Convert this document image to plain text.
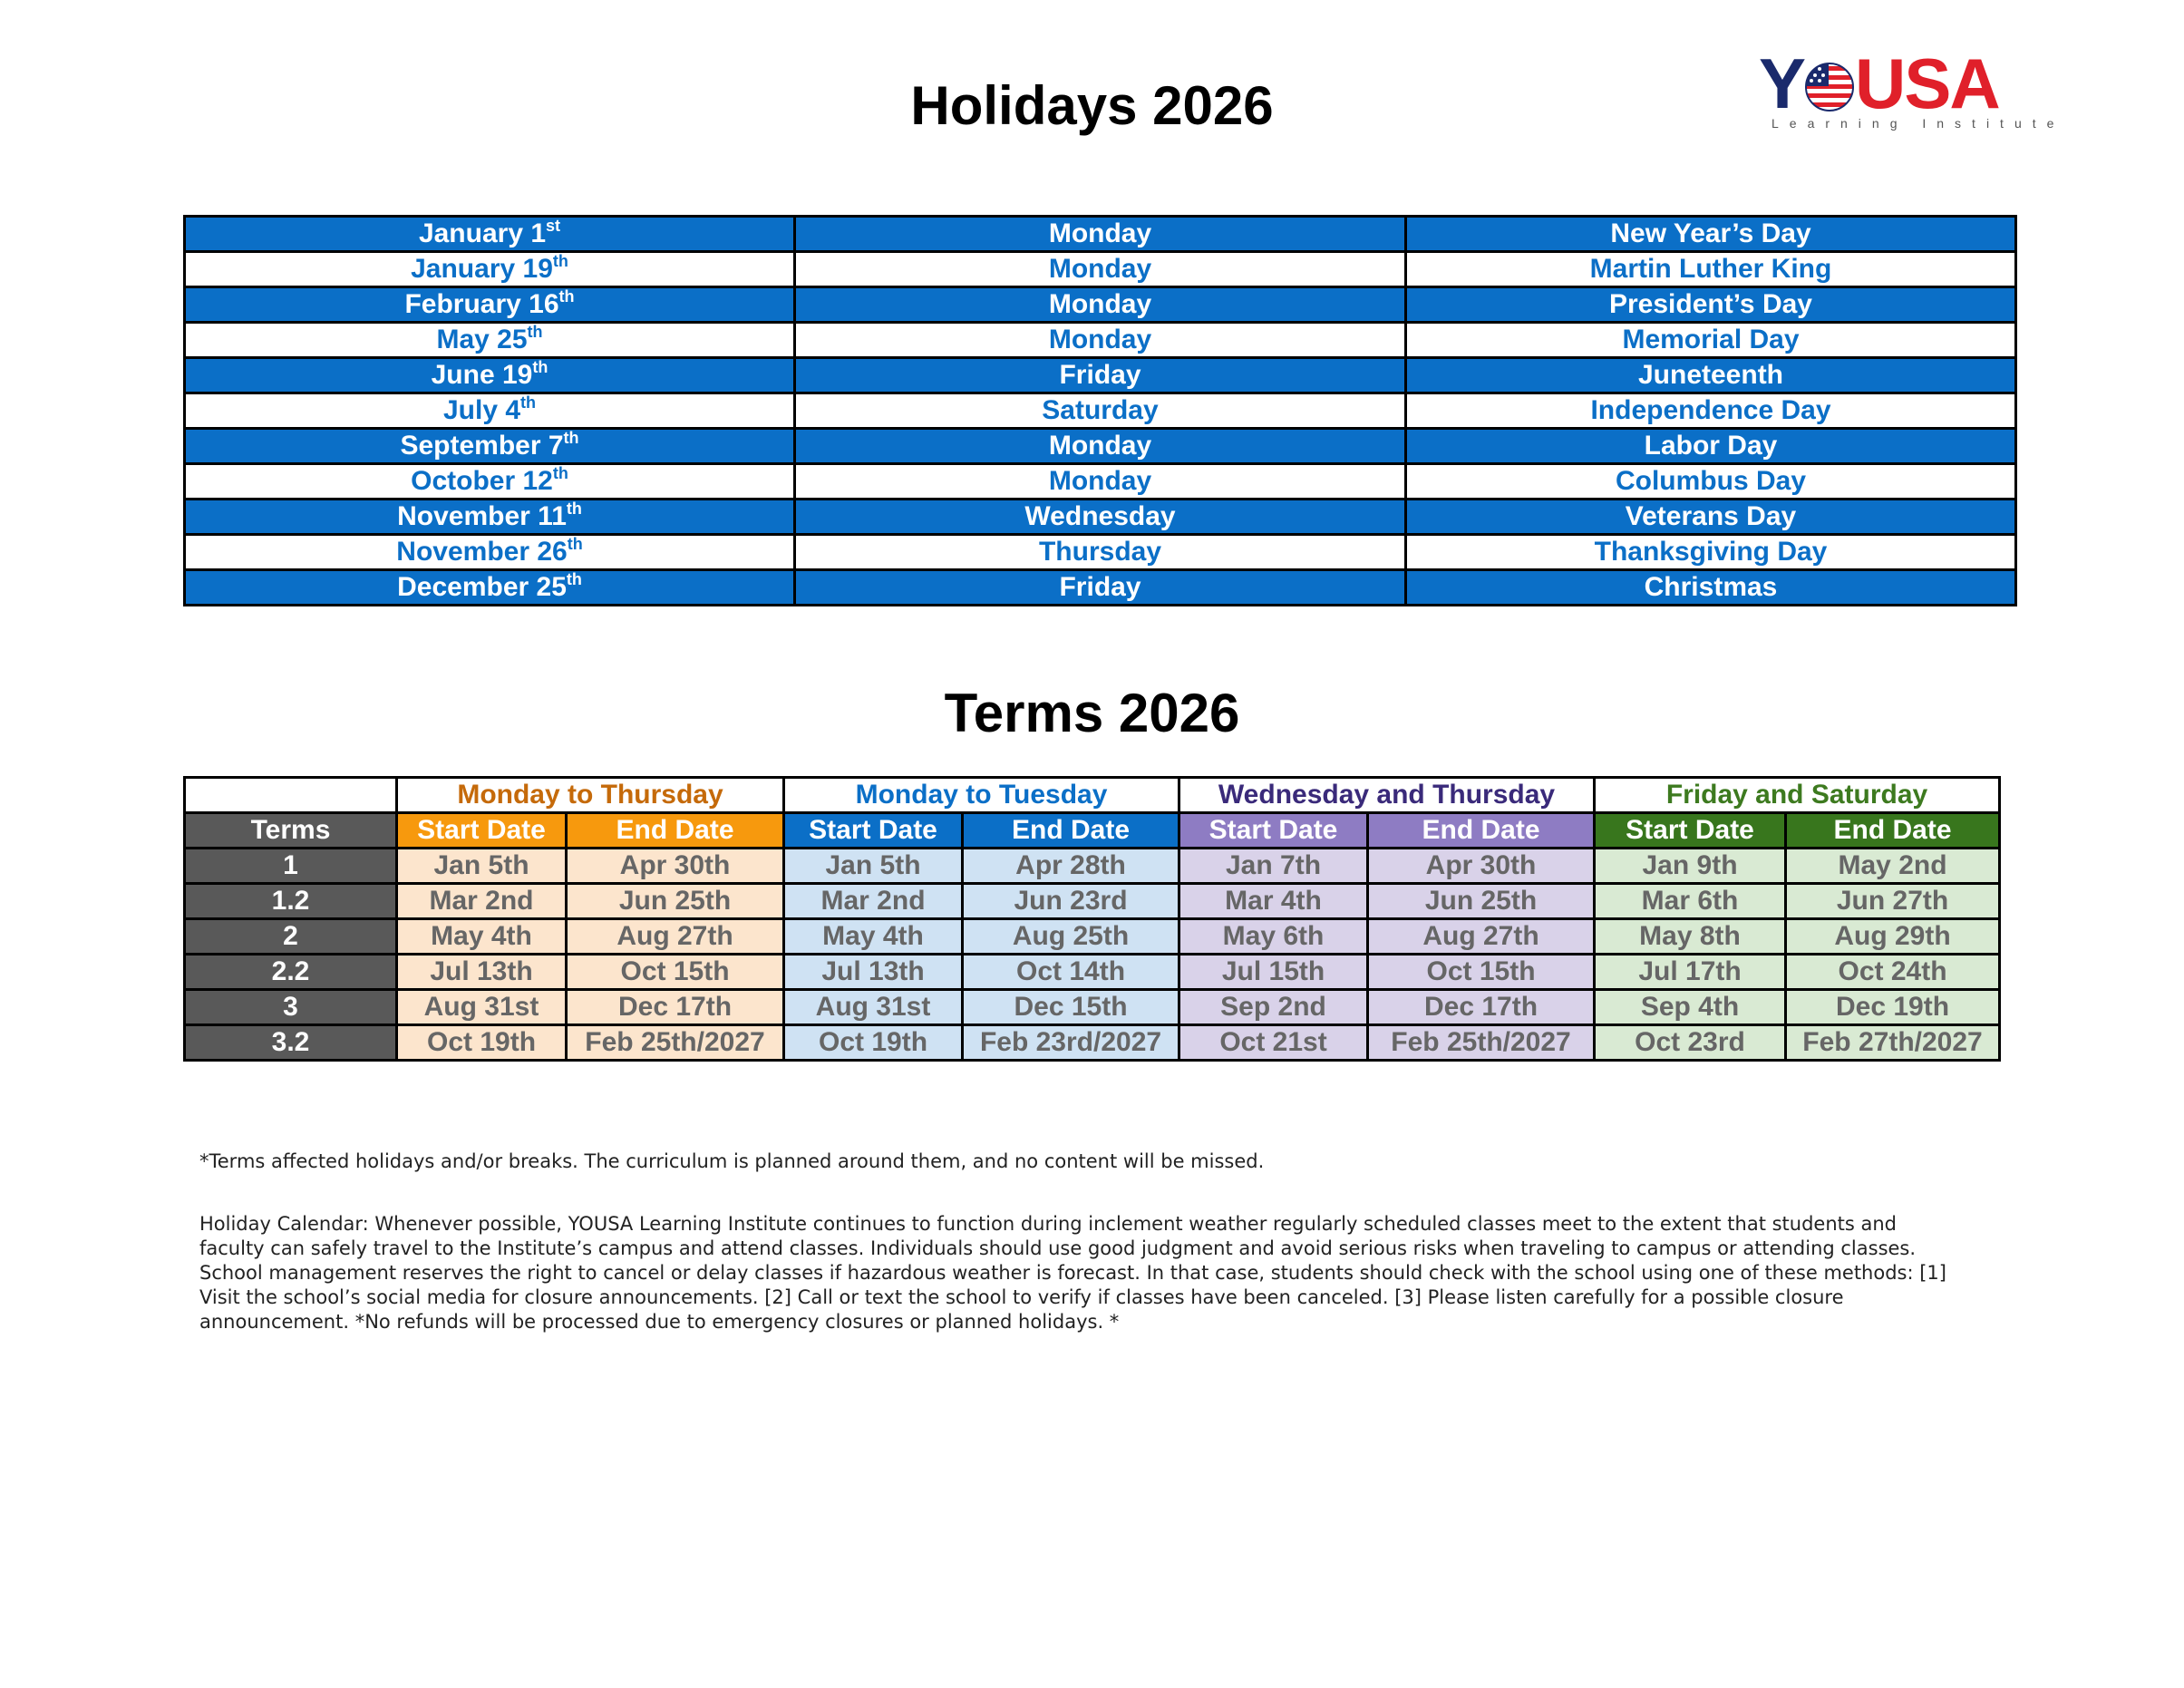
Holidays 2026	Y USA
Learning Institute
January 1st	Monday	New Year’s Day
January 19th	Monday	Martin Luther King
February 16th	Monday	President’s Day
May 25th	Monday	Memorial Day
June 19th	Friday	Juneteenth
July 4th	Saturday	Independence Day
September 7th	Monday	Labor Day
October 12th	Monday	Columbus Day
November 11th	Wednesday	Veterans Day
November 26th	Thursday	Thanksgiving Day
December 25th	Friday	Christmas
Terms 2026
	Monday to Thursday		Monday to Tuesday		Wednesday and Thursday		Friday and Saturday	
Terms	Start Date	End Date	Start Date	End Date	Start Date	End Date	Start Date	End Date
1	Jan 5th	Apr 30th	Jan 5th	Apr 28th	Jan 7th	Apr 30th	Jan 9th	May 2nd
1.2	Mar 2nd	Jun 25th	Mar 2nd	Jun 23rd	Mar 4th	Jun 25th	Mar 6th	Jun 27th
2	May 4th	Aug 27th	May 4th	Aug 25th	May 6th	Aug 27th	May 8th	Aug 29th
2.2	Jul 13th	Oct 15th	Jul 13th	Oct 14th	Jul 15th	Oct 15th	Jul 17th	Oct 24th
3	Aug 31st	Dec 17th	Aug 31st	Dec 15th	Sep 2nd	Dec 17th	Sep 4th	Dec 19th
3.2	Oct 19th	Feb 25th/2027	Oct 19th	Feb 23rd/2027	Oct 21st	Feb 25th/2027	Oct 23rd	Feb 27th/2027

*Terms affected holidays and/or breaks. The curriculum is planned around them, and no content will be missed.

Holiday Calendar: Whenever possible, YOUSA Learning Institute continues to function during inclement weather regularly scheduled classes meet to the extent that students and faculty can safely travel to the Institute’s campus and attend classes. Individuals should use good judgment and avoid serious risks when traveling to campus or attending classes. School management reserves the right to cancel or delay classes if hazardous weather is forecast. In that case, students should check with the school using one of these methods: [1] Visit the school’s social media for closure announcements. [2] Call or text the school to verify if classes have been canceled. [3] Please listen carefully for a possible closure announcement. *No refunds will be processed due to emergency closures or planned holidays. *
